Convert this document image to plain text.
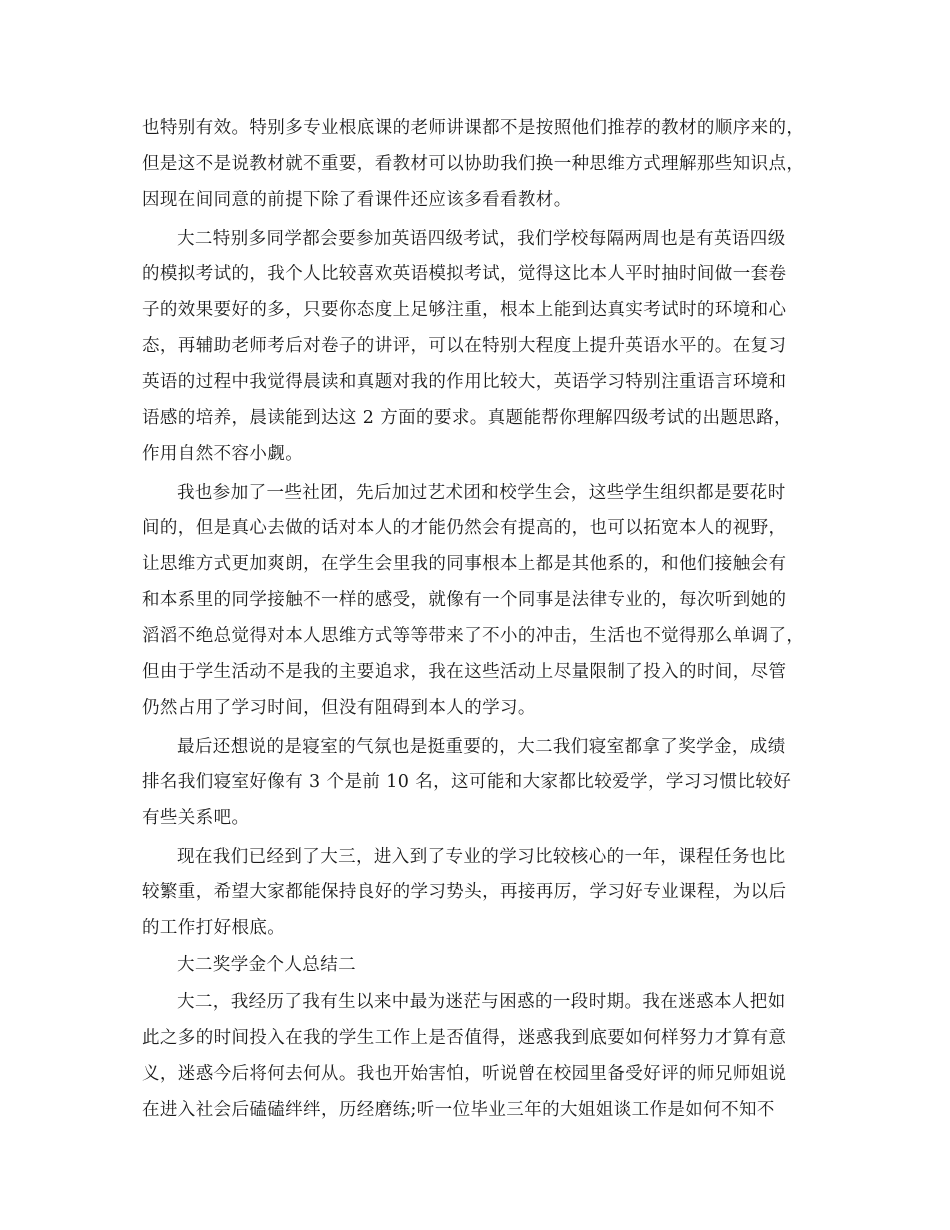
也特别有效。特别多专业根底课的老师讲课都不是按照他们推荐的教材的顺序来的，
但是这不是说教材就不重要，看教材可以协助我们换一种思维方式理解那些知识点，
因现在间同意的前提下除了看课件还应该多看看教材。
大二特别多同学都会要参加英语四级考试，我们学校每隔两周也是有英语四级
的模拟考试的，我个人比较喜欢英语模拟考试，觉得这比本人平时抽时间做一套卷
子的效果要好的多，只要你态度上足够注重，根本上能到达真实考试时的环境和心
态，再辅助老师考后对卷子的讲评，可以在特别大程度上提升英语水平的。在复习
英语的过程中我觉得晨读和真题对我的作用比较大，英语学习特别注重语言环境和
语感的培养，晨读能到达这 2 方面的要求。真题能帮你理解四级考试的出题思路，
作用自然不容小觑。
我也参加了一些社团，先后加过艺术团和校学生会，这些学生组织都是要花时
间的，但是真心去做的话对本人的才能仍然会有提高的，也可以拓宽本人的视野，
让思维方式更加爽朗，在学生会里我的同事根本上都是其他系的，和他们接触会有
和本系里的同学接触不一样的感受，就像有一个同事是法律专业的，每次听到她的
滔滔不绝总觉得对本人思维方式等等带来了不小的冲击，生活也不觉得那么单调了，
但由于学生活动不是我的主要追求，我在这些活动上尽量限制了投入的时间，尽管
仍然占用了学习时间，但没有阻碍到本人的学习。
最后还想说的是寝室的气氛也是挺重要的，大二我们寝室都拿了奖学金，成绩
排名我们寝室好像有 3 个是前 10 名，这可能和大家都比较爱学，学习习惯比较好
有些关系吧。
现在我们已经到了大三，进入到了专业的学习比较核心的一年，课程任务也比
较繁重，希望大家都能保持良好的学习势头，再接再厉，学习好专业课程，为以后
的工作打好根底。
大二奖学金个人总结二
大二，我经历了我有生以来中最为迷茫与困惑的一段时期。我在迷惑本人把如
此之多的时间投入在我的学生工作上是否值得，迷惑我到底要如何样努力才算有意
义，迷惑今后将何去何从。我也开始害怕，听说曾在校园里备受好评的师兄师姐说
在进入社会后磕磕绊绊，历经磨练;听一位毕业三年的大姐姐谈工作是如何不知不
